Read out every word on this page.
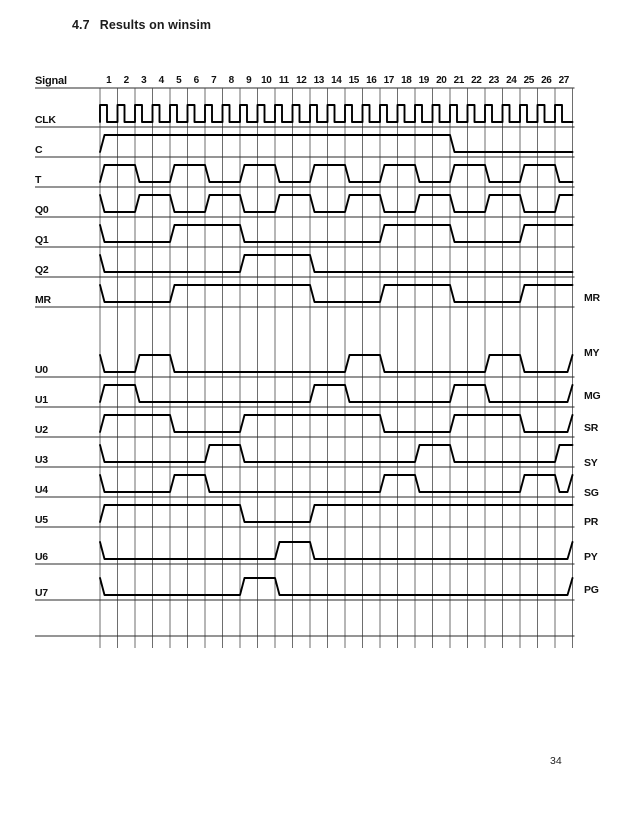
4.7 Results on winsim
Signal	1 2 3 4 5 6 7 8 9 10 11 12 13 14 15 16 17 18 19 20 21 22 23 24 25 26 27
CLK
C
T
Q0
Q1
Q2
MR	MR
U0
MY
U1	MG
U2	SR
U3	SY
U4	SG
U5	PR
U6	PY
U7	PG
34
